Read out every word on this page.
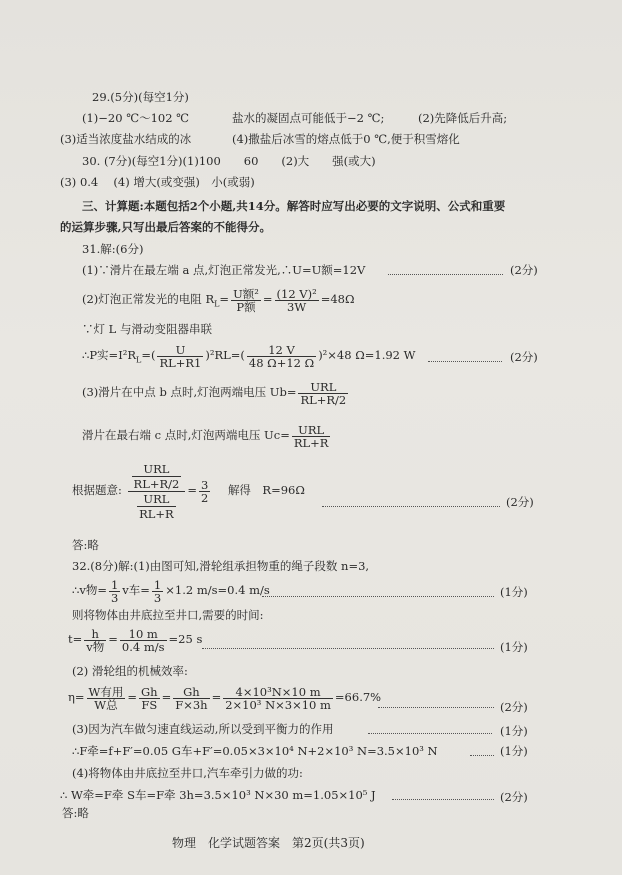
29.(5分)(每空1分)
(1)−20 ℃～102 ℃	盐水的凝固点可能低于−2 ℃;	(2)先降低后升高;
(3)适当浓度盐水结成的冰	(4)撒盐后冰雪的熔点低于0 ℃,便于积雪熔化
30. (7分)(每空1分)(1)100　　60　　(2)大　　强(或大)
(3) 0.4　 (4) 增大(或变强)　小(或弱)
三、计算题:本题包括2个小题,共14分。解答时应写出必要的文字说明、公式和重要
的运算步骤,只写出最后答案的不能得分。
31.解:(6分)
(1)∵滑片在最左端 a 点,灯泡正常发光,∴U=U额=12V	(2分)
(2)灯泡正常发光的电阻 $R_L= U$额²
P额
= $\frac{\text{(12 V)²}}{3W} =48\Omega$
∵灯 L 与滑动变阻器串联
∴P实$=I^2R_L=( \frac{U}{RL+R1} )^2RL=( \frac{12 V}{48 \Omega+12 \Omega} )^2\times 48$ Ω=1.92 W	(2分)
(3)滑片在中点 b 点时,灯泡两端电压 Ub=	URL
RL+R/2
滑片在最右端 c 点时,灯泡两端电压 Uc= URL
RL+R
根据题意:
URL
RL+R/2
URL
RL+R
= $\frac{3}{2}$ 解得　R=96Ω
(2分)
答:略
32.(8分)解:(1)由图可知,滑轮组承担物重的绳子段数 n=3,
∴v物= $\frac{1}{3}$ v车= $\frac{1}{3} \times 1.2$ m/s=0.4 m/s	(1分)
则将物体由井底拉至井口,需要的时间:
t= h
v物
= $\frac{10 m}{0.4 m/s} =25$ s
(1分)
(2) 滑轮组的机械效率:
η= W有用
W总
= $\frac{Gh}{FS} = \frac{Gh}{F\times 3h} = \frac{\text{4×10³N×10 m}}{\text{2×10³ N×3×10 m}} =66.7\%$
(2分)
(3)因为汽车做匀速直线运动,所以受到平衡力的作用	(1分)
∴F牵=f+F′=0.05 G车+F′=0.05×3×10⁴ N+2×10³ N=3.5×10³ N	(1分)
(4)将物体由井底拉至井口,汽车牵引力做的功:
∴ W牵=F牵 S车=F牵 3h=3.5×10³ N×30 m=1.05×10⁵ J	(2分)
答:略
物理　化学试题答案　第2页(共3页)
